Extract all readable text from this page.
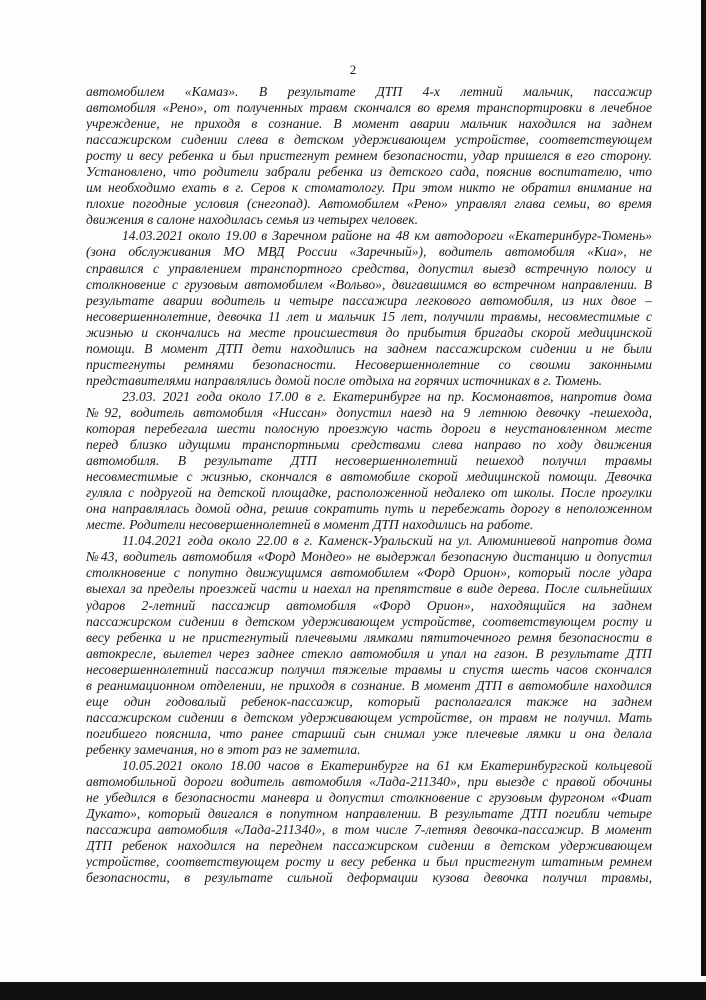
2
автомобилем «Камаз». В результате ДТП 4-х летний мальчик, пассажир
автомобиля «Рено», от полученных травм скончался во время транспортировки в лечебное
учреждение, не приходя в сознание. В момент аварии мальчик находился на заднем
пассажирском сидении слева в детском удерживающем устройстве, соответствующем
росту и весу ребенка и был пристегнут ремнем безопасности, удар пришелся в его сторону.
Установлено, что родители забрали ребенка из детского сада, пояснив воспитателю, что
им необходимо ехать в г. Серов к стоматологу. При этом никто не обратил внимание на
плохие погодные условия (снегопад). Автомобилем «Рено» управлял глава семьи, во время
движения в салоне находилась семья из четырех человек.
14.03.2021 около 19.00 в Заречном районе на 48 км автодороги «Екатеринбург-Тюмень»
(зона обслуживания МО МВД России «Заречный»), водитель автомобиля «Киа», не
справился с управлением транспортного средства, допустил выезд встречную полосу и
столкновение с грузовым автомобилем «Вольво», двигавшимся во встречном направлении. В
результате аварии водитель и четыре пассажира легкового автомобиля, из них двое –
несовершеннолетние, девочка 11 лет и мальчик 15 лет, получили травмы, несовместимые с
жизнью и скончались на месте происшествия до прибытия бригады скорой медицинской
помощи. В момент ДТП дети находились на заднем пассажирском сидении и не были
пристегнуты ремнями безопасности. Несовершеннолетние со своими законными
представителями направлялись домой после отдыха на горячих источниках в г. Тюмень.
23.03. 2021 года около 17.00 в г. Екатеринбурге на пр. Космонавтов, напротив дома
№92, водитель автомобиля «Ниссан» допустил наезд на 9 летнюю девочку -пешехода,
которая перебегала шести полосную проезжую часть дороги в неустановленном месте
перед близко идущими транспортными средствами слева направо по ходу движения
автомобиля. В результате ДТП несовершеннолетний пешеход получил травмы
несовместимые с жизнью, скончался в автомобиле скорой медицинской помощи. Девочка
гуляла с подругой на детской площадке, расположенной недалеко от школы. После прогулки
она направлялась домой одна, решив сократить путь и перебежать дорогу в неположенном
месте. Родители несовершеннолетней в момент ДТП находились на работе.
11.04.2021 года около 22.00 в г. Каменск-Уральский на ул. Алюминиевой напротив дома
№43, водитель автомобиля «Форд Мондео» не выдержал безопасную дистанцию и допустил
столкновение с попутно движущимся автомобилем «Форд Орион», который после удара
выехал за пределы проезжей части и наехал на препятствие в виде дерева. После сильнейших
ударов 2-летний пассажир автомобиля «Форд Орион», находящийся на заднем
пассажирском сидении в детском удерживающем устройстве, соответствующем росту и
весу ребенка и не пристегнутый плечевыми лямками пятиточечного ремня безопасности в
автокресле, вылетел через заднее стекло автомобиля и упал на газон. В результате ДТП
несовершеннолетний пассажир получил тяжелые травмы и спустя шесть часов скончался
в реанимационном отделении, не приходя в сознание. В момент ДТП в автомобиле находился
еще один годовалый ребенок-пассажир, который располагался также на заднем
пассажирском сидении в детском удерживающем устройстве, он травм не получил. Мать
погибшего пояснила, что ранее старший сын снимал уже плечевые лямки и она делала
ребенку замечания, но в этот раз не заметила.
10.05.2021 около 18.00 часов в Екатеринбурге на 61 км Екатеринбургской кольцевой
автомобильной дороги водитель автомобиля «Лада-211340», при выезде с правой обочины
не убедился в безопасности маневра и допустил столкновение с грузовым фургоном «Фиат
Дукато», который двигался в попутном направлении. В результате ДТП погибли четыре
пассажира автомобиля «Лада-211340», в том числе 7-летняя девочка-пассажир. В момент
ДТП ребенок находился на переднем пассажирском сидении в детском удерживающем
устройстве, соответствующем росту и весу ребенка и был пристегнут штатным ремнем
безопасности, в результате сильной деформации кузова девочка получил травмы,
